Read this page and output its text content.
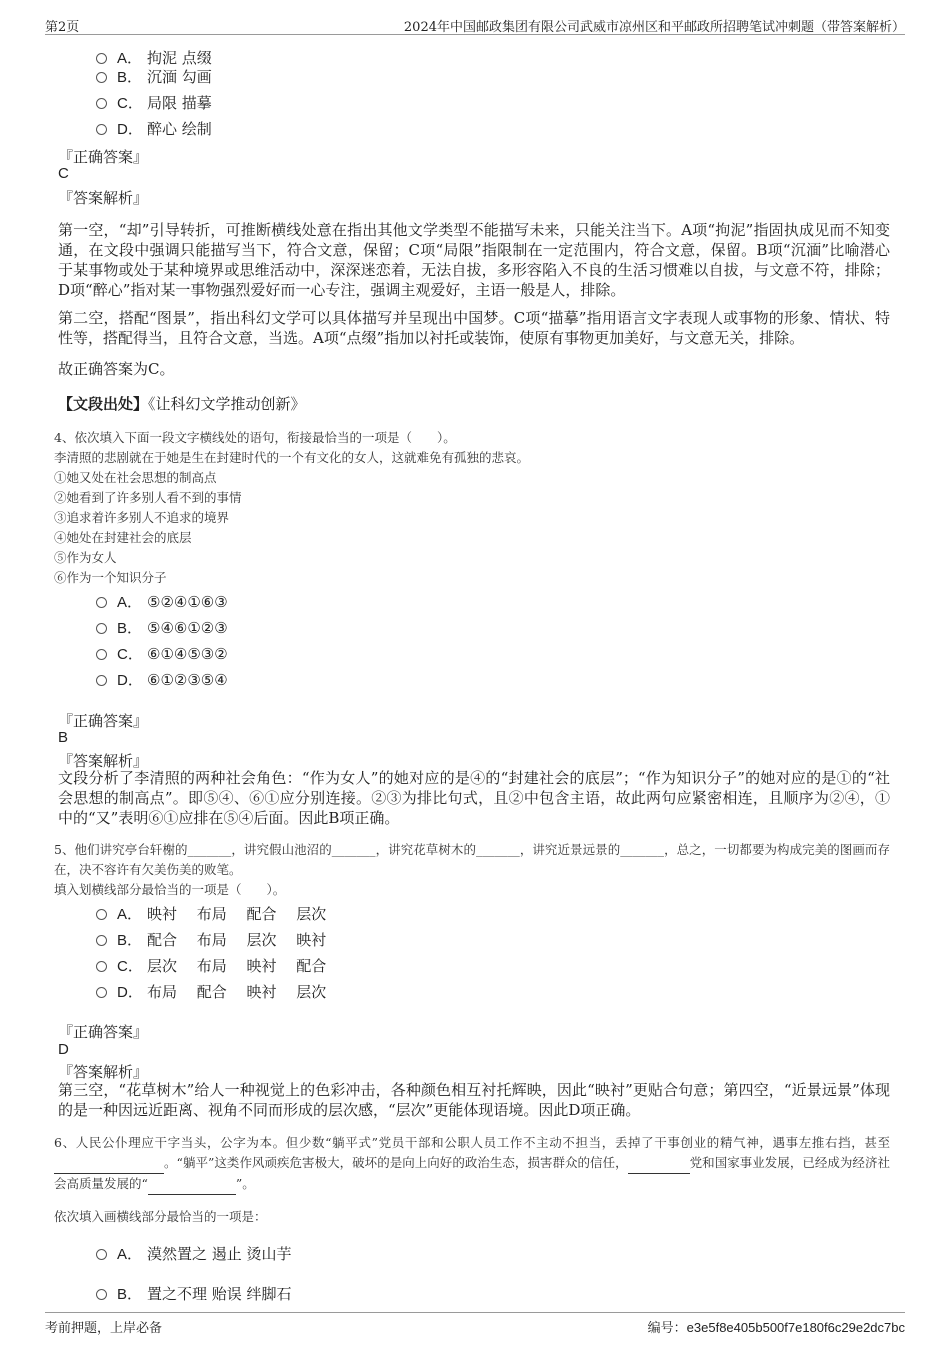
第2页	2024年中国邮政集团有限公司武威市凉州区和平邮政所招聘笔试冲刺题（带答案解析）
A． 拘泥 点缀
B． 沉湎 勾画
C． 局限 描摹
D． 醉心 绘制
『正确答案』
C
『答案解析』
第一空，“却”引导转折，可推断横线处意在指出其他文学类型不能描写未来，只能关注当下。A项“拘泥”指固执成见而不知变通，在文段中强调只能描写当下，符合文意，保留；C项“局限”指限制在一定范围内，符合文意，保留。B项“沉湎”比喻潜心于某事物或处于某种境界或思维活动中，深深迷恋着，无法自拔，多形容陷入不良的生活习惯难以自拔，与文意不符，排除；D项“醉心”指对某一事物强烈爱好而一心专注，强调主观爱好，主语一般是人，排除。
第二空，搭配“图景”，指出科幻文学可以具体描写并呈现出中国梦。C项“描摹”指用语言文字表现人或事物的形象、情状、特性等，搭配得当，且符合文意，当选。A项“点缀”指加以衬托或装饰，使原有事物更加美好，与文意无关，排除。
故正确答案为C。
【文段出处】《让科幻文学推动创新》
4、依次填入下面一段文字横线处的语句，衔接最恰当的一项是（　　）。
李清照的悲剧就在于她是生在封建时代的一个有文化的女人，这就难免有孤独的悲哀。
①她又处在社会思想的制高点
②她看到了许多别人看不到的事情
③追求着许多别人不追求的境界
④她处在封建社会的底层
⑤作为女人
⑥作为一个知识分子
A． ⑤②④①⑥③
B． ⑤④⑥①②③
C． ⑥①④⑤③②
D． ⑥①②③⑤④
『正确答案』
B
『答案解析』
文段分析了李清照的两种社会角色：“作为女人”的她对应的是④的“封建社会的底层”；“作为知识分子”的她对应的是①的“社会思想的制高点”。即⑤④、⑥①应分别连接。②③为排比句式，且②中包含主语，故此两句应紧密相连，且顺序为②④，①中的“又”表明⑥①应排在⑤④后面。因此B项正确。
5、他们讲究亭台轩榭的_______，讲究假山池沼的_______，讲究花草树木的_______，讲究近景远景的_______，总之，一切都要为构成完美的图画而存在，决不容许有欠美伤美的败笔。
填入划横线部分最恰当的一项是（　　）。
A． 映衬　 布局　 配合　 层次
B． 配合　 布局　 层次　 映衬
C． 层次　 布局　 映衬　 配合
D． 布局　 配合　 映衬　 层次
『正确答案』
D
『答案解析』
第三空，“花草树木”给人一种视觉上的色彩冲击，各种颜色相互衬托辉映，因此“映衬”更贴合句意；第四空，“近景远景”体现的是一种因远近距离、视角不同而形成的层次感，“层次”更能体现语境。因此D项正确。
6、人民公仆理应干字当头，公字为本。但少数“躺平式”党员干部和公职人员工作不主动不担当，丢掉了干事创业的精气神，遇事左推右挡，甚至 。“躺平”这类作风顽疾危害极大，破坏的是向上向好的政治生态，损害群众的信任，	党和国家事业发展，已经成为经济社会高质量发展的“	”。
依次填入画横线部分最恰当的一项是：
A． 漠然置之 遏止 烫山芋
B． 置之不理 贻误 绊脚石
考前押题，上岸必备	编号：e3e5f8e405b500f7e180f6c29e2dc7bc
